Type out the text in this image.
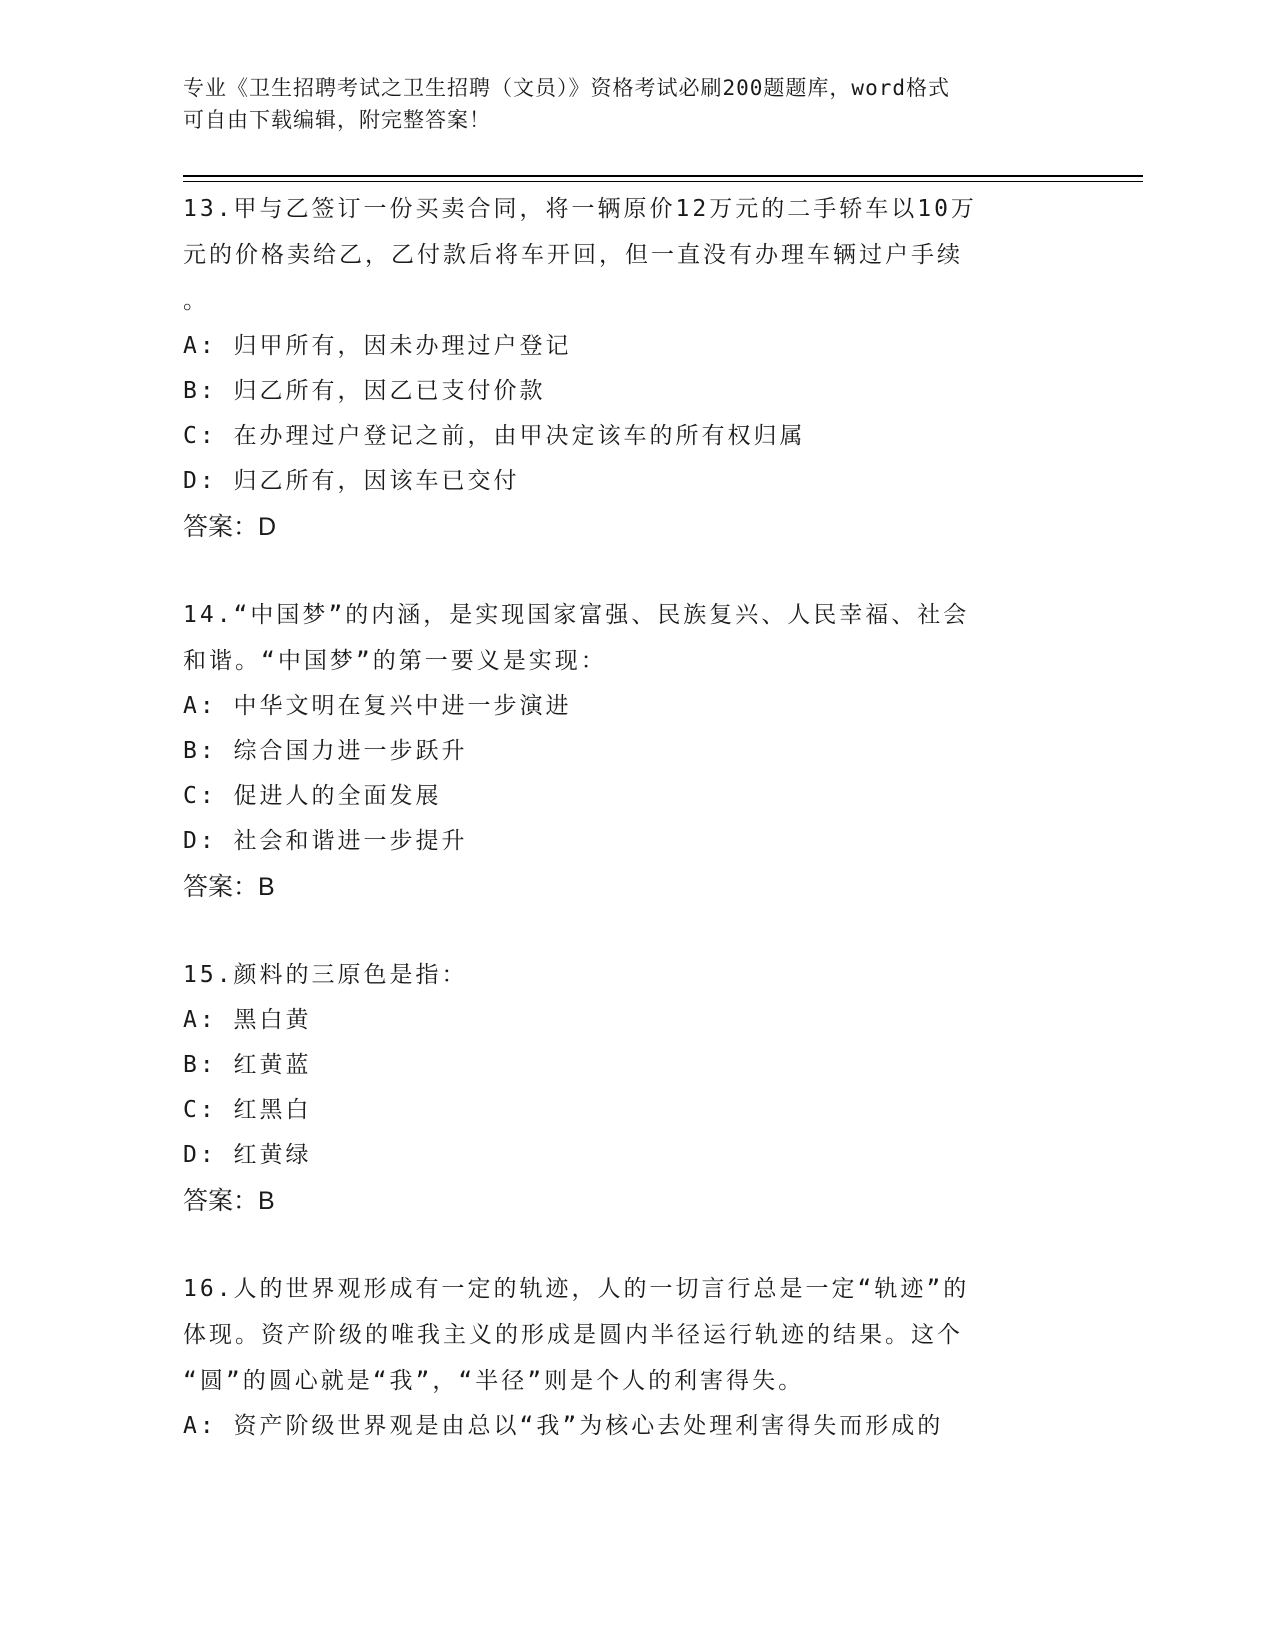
专业《卫生招聘考试之卫生招聘（文员）》资格考试必刷200题题库，word格式
可自由下载编辑，附完整答案！

13.甲与乙签订一份买卖合同，将一辆原价12万元的二手轿车以10万

元的价格卖给乙，乙付款后将车开回，但一直没有办理车辆过户手续

。

A: 归甲所有，因未办理过户登记

B: 归乙所有，因乙已支付价款

C: 在办理过户登记之前，由甲决定该车的所有权归属

D: 归乙所有，因该车已交付

答案：D

14.“中国梦”的内涵，是实现国家富强、民族复兴、人民幸福、社会

和谐。“中国梦”的第一要义是实现：

A: 中华文明在复兴中进一步演进

B: 综合国力进一步跃升

C: 促进人的全面发展

D: 社会和谐进一步提升

答案：B

15.颜料的三原色是指：

A: 黑白黄

B: 红黄蓝

C: 红黑白

D: 红黄绿

答案：B

16.人的世界观形成有一定的轨迹，人的一切言行总是一定“轨迹”的

体现。资产阶级的唯我主义的形成是圆内半径运行轨迹的结果。这个

“圆”的圆心就是“我”，“半径”则是个人的利害得失。

A: 资产阶级世界观是由总以“我”为核心去处理利害得失而形成的
